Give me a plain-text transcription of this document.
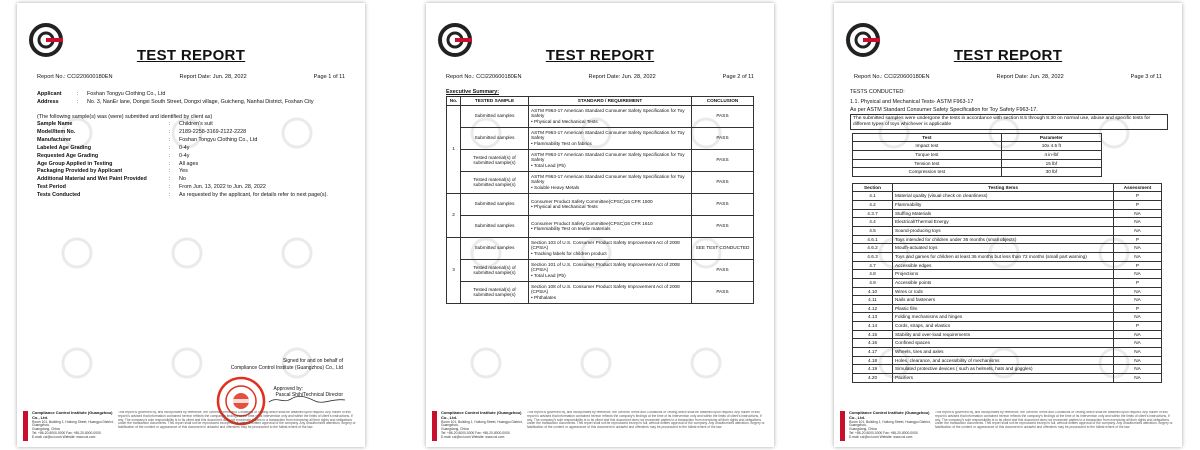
TEST REPORT
Report No.: CCI220600180EN	Report Date: Jun. 28, 2022	Page 1 of 11
Applicant	:	Foshan Tongyu Clothing Co., Ltd
Address	:	No. 3, NanEr lane, Dongxi South Street, Dongxi village, Guicheng, Nanhai District, Foshan City
(The following sample(s) was (were) submitted and identified by client as)
Sample Name	:	Children's suit
Model/Item No.	:	2189-2258-3169-2122-2228
Manufacturer	:	Foshan Tongyu Clothing Co., Ltd
Labeled Age Grading	:	0-4y
Requested Age Grading	:	0-4y
Age Group Applied in Testing	:	All ages
Packaging Provided by Applicant	:	Yes
Additional Material and Wet Paint Provided	:	No
Test Period	:	From Jun. 13, 2022 to Jun. 28, 2022
Tests Conducted	:	As requested by the applicant, for details refer to next page(s).
Signed for and on behalf of
Compliance Control Institute (Guangzhou) Co., Ltd
Approved by:
Pascal Shih/Technical Director
Compliance Control Institute (Guangzhou) Co., Ltd.
Room 101, Building 1, Huitong Street, Huangpu District, Guangzhou,
Guangdong, China
Tel: +86-20-8000-0000 Fax: +86-20-8000-0000
E-mail: cci@cci.com Website: www.cci.com
This report is governed by, and incorporates by reference, the General Terms and Conditions of Testing which shall be obtained upon request. Any holder of this report is advised that information contained hereon reflects the company's findings at the time of its intervention only and within the limits of client's instructions, if any. The company's sole responsibility is to its client and this document does not exonerate parties to a transaction from exercising all their rights and obligations under the transaction documents. This report shall not be reproduced except in full, without written approval of the company. Any unauthorized alteration, forgery or falsification of the content or appearance of this document is unlawful and offenders may be prosecuted to the fullest extent of the law.
TEST REPORT
Report No.: CCI220600180EN	Report Date: Jun. 28, 2022	Page 2 of 11
Executive Summary:
No.	TESTED SAMPLE	STANDARD / REQUIREMENT	CONCLUSION
1	Submitted samples	ASTM F963-17 American Standard Consumer Safety Specification for Toy Safety
• Physical and Mechanical Tests	PASS
	Submitted samples	ASTM F963-17 American Standard Consumer Safety Specification for Toy Safety
• Flammability Test on fabrics	PASS
	Tested material(s) of submitted sample(s)	ASTM F963-17 American Standard Consumer Safety Specification for Toy Safety
• Total Lead (Pb)	PASS
	Tested material(s) of submitted sample(s)	ASTM F963-17 American Standard Consumer Safety Specification for Toy Safety
• Soluble Heavy Metals	PASS
2	Submitted samples	Consumer Product Safety Committee(CPSC)16 CFR 1500
• Physical and Mechanical Tests	PASS
	Submitted samples	Consumer Product Safety Committee(CPSC)16 CFR 1610
• Flammability Test on textile materials	PASS
3	Submitted samples	Section 103 of U.S. Consumer Product Safety Improvement Act of 2008 (CPSIA)
• Tracking labels for children product	SEE TEST CONDUCTED
	Tested material(s) of submitted sample(s)	Section 101 of U.S. Consumer Product Safety Improvement Act of 2008 (CPSIA)
• Total Lead (Pb)	PASS
	Tested material(s) of submitted sample(s)	Section 108 of U.S. Consumer Product Safety Improvement Act of 2008 (CPSIA)
• Phthalates	PASS
Compliance Control Institute (Guangzhou) Co., Ltd.
Room 101, Building 1, Huitong Street, Huangpu District, Guangzhou,
Guangdong, China
Tel: +86-20-8000-0000 Fax: +86-20-8000-0000
E-mail: cci@cci.com Website: www.cci.com
This report is governed by, and incorporates by reference, the General Terms and Conditions of Testing which shall be obtained upon request. Any holder of this report is advised that information contained hereon reflects the company's findings at the time of its intervention only and within the limits of client's instructions, if any. The company's sole responsibility is to its client and this document does not exonerate parties to a transaction from exercising all their rights and obligations under the transaction documents. This report shall not be reproduced except in full, without written approval of the company. Any unauthorized alteration, forgery or falsification of the content or appearance of this document is unlawful and offenders may be prosecuted to the fullest extent of the law.
TEST REPORT
Report No.: CCI220600180EN	Report Date: Jun. 28, 2022	Page 3 of 11
TESTS CONDUCTED:
1.1. Physical and Mechanical Tests- ASTM F963-17
As per ASTM Standard Consumer Safety Specification for Toy Safety F963-17.
The submitted samples were undergone the tests in accordance with section 8.5 through 8.30 on normal use, abuse and specific tests for different types of toys whichever is applicable
Test	Parameter
Impact test	10x 4.5 ft
Torque test	4 in-lbf
Tension test	15 lbf
Compression test	30 lbf
Section	Testing Items	Assessment
4.1	Material quality (visual check on cleanliness)	P
4.2	Flammability	P
4.3.7	Stuffing Materials	NA
4.4	Electrical/Thermal Energy	NA
4.5	Sound-producing toys	NA
4.6.1	Toys intended for children under 36 months (small objects)	P
4.6.2	Mouth-actuated toys	NA
4.6.3	Toys and games for children at least 36 months but less than 72 months (small part warning)	NA
4.7	Accessible edges	P
4.8	Projections	NA
4.9	Accessible points	P
4.10	Wires or rods	NA
4.11	Nails and fasteners	NA
4.12	Plastic film	P
4.13	Folding mechanisms and hinges	NA
4.14	Cords, straps, and elastics	P
4.15	Stability and over-load requirements	NA
4.16	Confined spaces	NA
4.17	Wheels, tires and axles	NA
4.18	Holes, clearance, and accessibility of mechanisms	NA
4.19	Simulated protective devices ( such as helmets, hats and goggles)	NA
4.20	Pacifiers	NA
Compliance Control Institute (Guangzhou) Co., Ltd.
Room 101, Building 1, Huitong Street, Huangpu District, Guangzhou,
Guangdong, China
Tel: +86-20-8000-0000 Fax: +86-20-8000-0000
E-mail: cci@cci.com Website: www.cci.com
This report is governed by, and incorporates by reference, the General Terms and Conditions of Testing which shall be obtained upon request. Any holder of this report is advised that information contained hereon reflects the company's findings at the time of its intervention only and within the limits of client's instructions, if any. The company's sole responsibility is to its client and this document does not exonerate parties to a transaction from exercising all their rights and obligations under the transaction documents. This report shall not be reproduced except in full, without written approval of the company. Any unauthorized alteration, forgery or falsification of the content or appearance of this document is unlawful and offenders may be prosecuted to the fullest extent of the law.
